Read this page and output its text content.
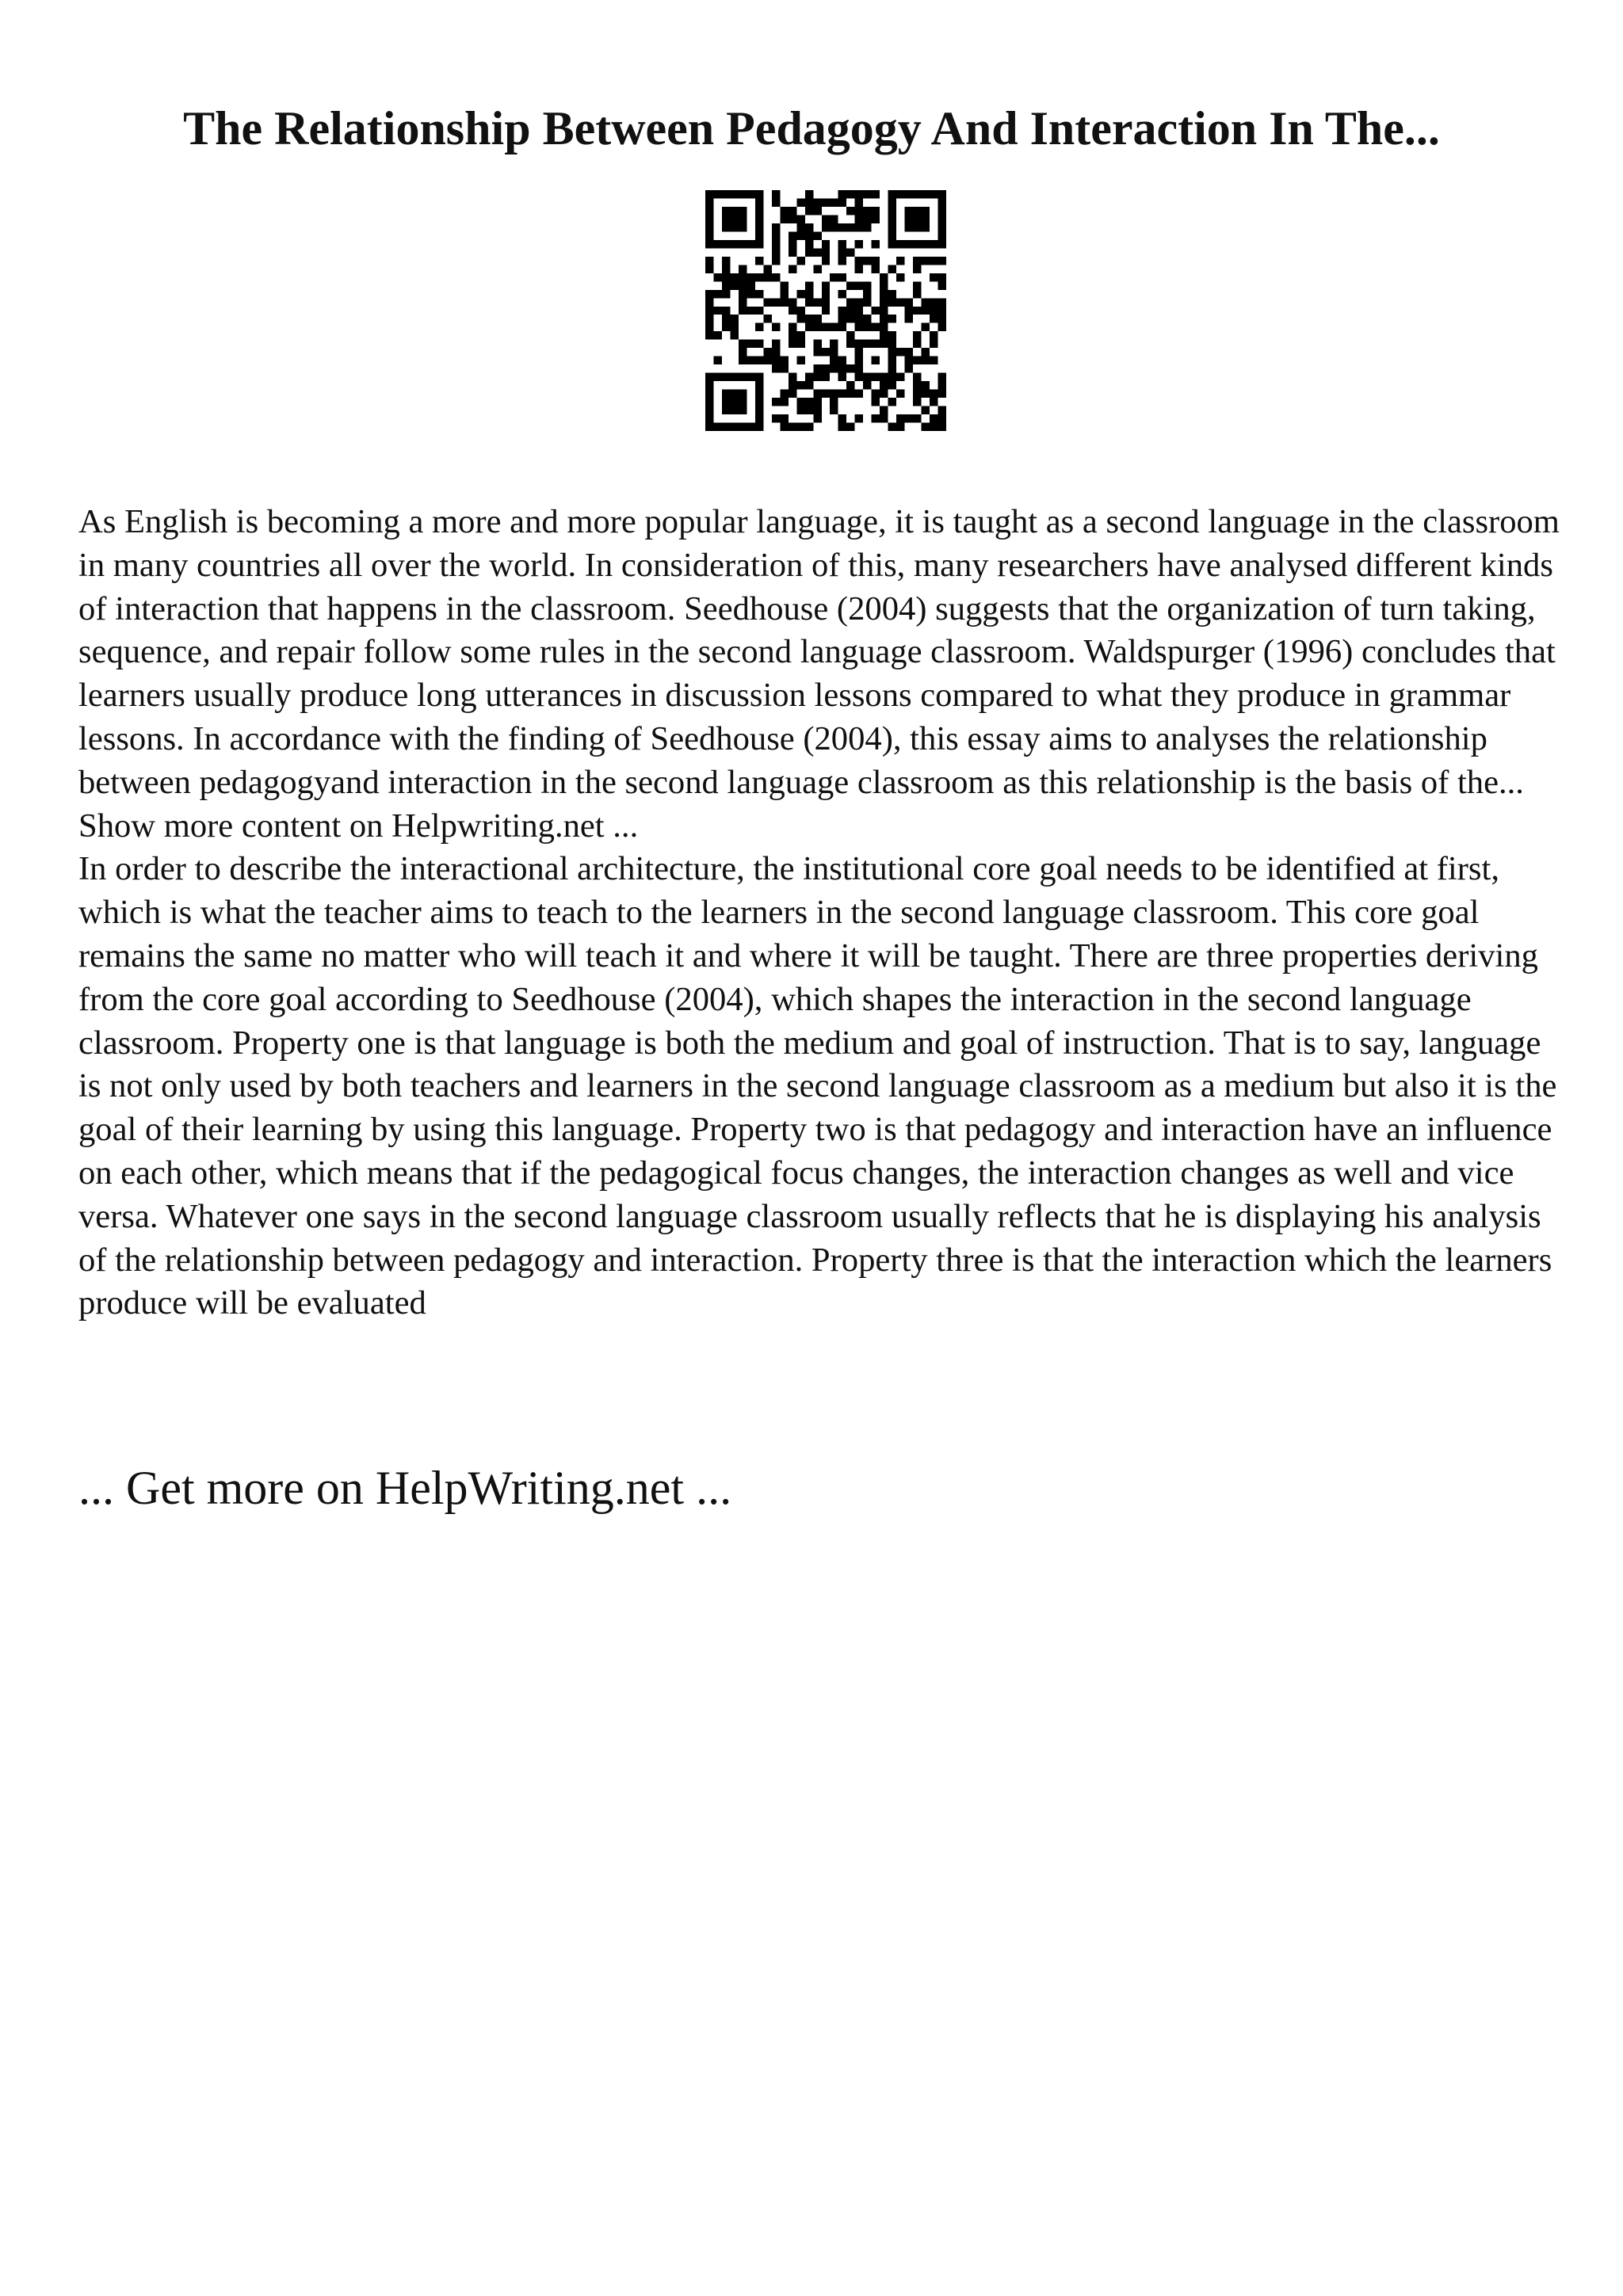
The Relationship Between Pedagogy And Interaction In The...

As English is becoming a more and more popular language, it is taught as a second language in the classroom in many countries all over the world. In consideration of this, many researchers have analysed different kinds of interaction that happens in the classroom. Seedhouse (2004) suggests that the organization of turn taking, sequence, and repair follow some rules in the second language classroom. Waldspurger (1996) concludes that learners usually produce long utterances in discussion lessons compared to what they produce in grammar lessons. In accordance with the finding of Seedhouse (2004), this essay aims to analyses the relationship between pedagogyand interaction in the second language classroom as this relationship is the basis of the... Show more content on Helpwriting.net ...

In order to describe the interactional architecture, the institutional core goal needs to be identified at first, which is what the teacher aims to teach to the learners in the second language classroom. This core goal remains the same no matter who will teach it and where it will be taught. There are three properties deriving from the core goal according to Seedhouse (2004), which shapes the interaction in the second language classroom. Property one is that language is both the medium and goal of instruction. That is to say, language is not only used by both teachers and learners in the second language classroom as a medium but also it is the goal of their learning by using this language. Property two is that pedagogy and interaction have an influence on each other, which means that if the pedagogical focus changes, the interaction changes as well and vice versa. Whatever one says in the second language classroom usually reflects that he is displaying his analysis of the relationship between pedagogy and interaction. Property three is that the interaction which the learners produce will be evaluated

... Get more on HelpWriting.net ...
